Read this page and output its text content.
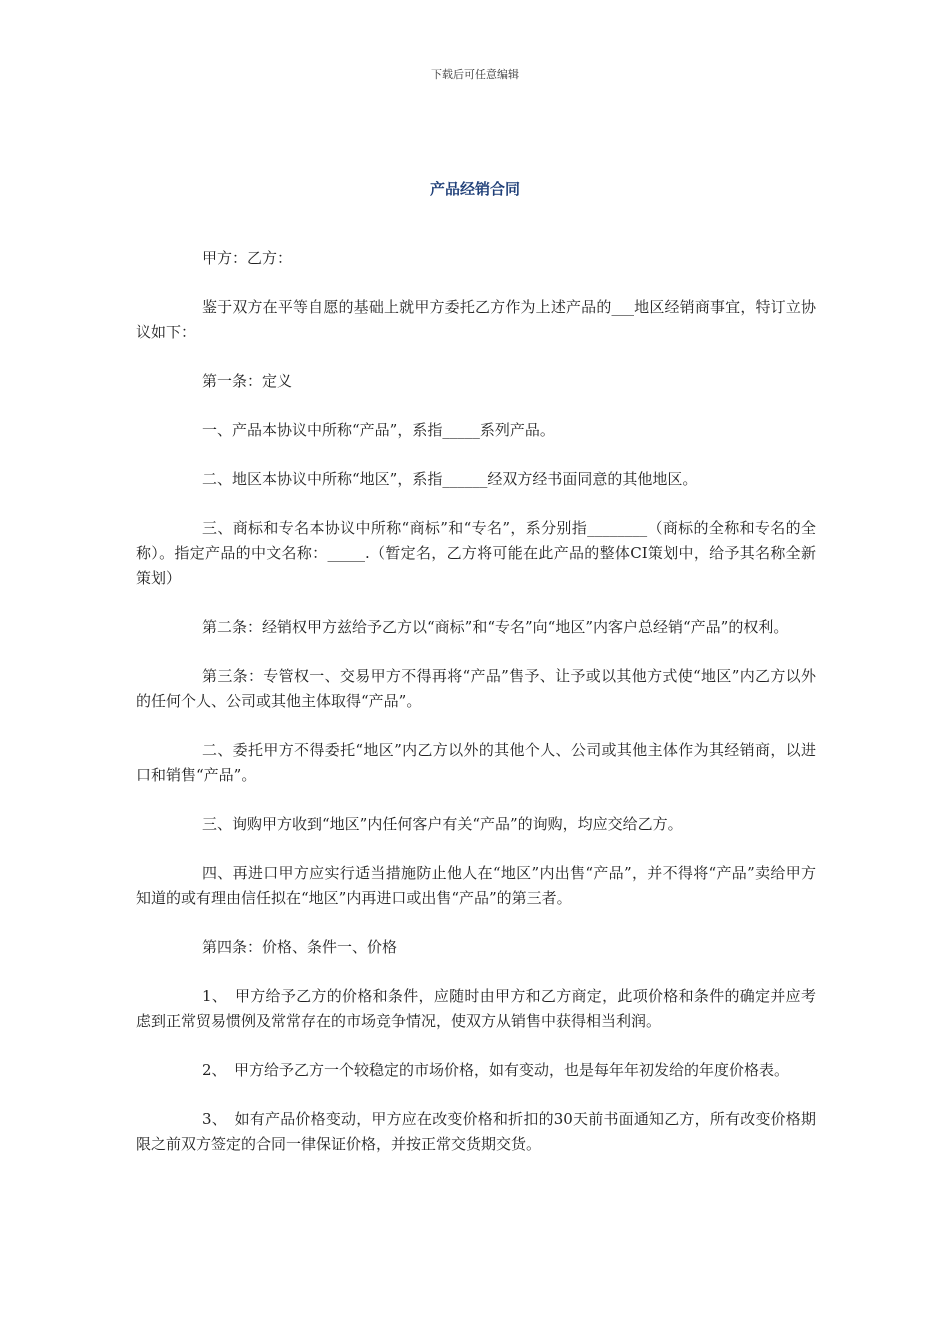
下载后可任意编辑
产品经销合同

甲方：乙方：

鉴于双方在平等自愿的基础上就甲方委托乙方作为上述产品的___地区经销商事宜，特订立协议如下：

第一条：定义

一、产品本协议中所称“产品”，系指_____系列产品。

二、地区本协议中所称“地区”，系指______经双方经书面同意的其他地区。

三、商标和专名本协议中所称“商标”和“专名”，系分别指________（商标的全称和专名的全称）。指定产品的中文名称：_____.（暂定名，乙方将可能在此产品的整体CI策划中，给予其名称全新策划）

第二条：经销权甲方兹给予乙方以“商标”和“专名”向“地区”内客户总经销“产品”的权利。

第三条：专管权一、交易甲方不得再将“产品”售予、让予或以其他方式使“地区”内乙方以外的任何个人、公司或其他主体取得“产品”。

二、委托甲方不得委托“地区”内乙方以外的其他个人、公司或其他主体作为其经销商，以进口和销售“产品”。

三、询购甲方收到“地区”内任何客户有关“产品”的询购，均应交给乙方。

四、再进口甲方应实行适当措施防止他人在“地区”内出售“产品”，并不得将“产品”卖给甲方知道的或有理由信任拟在“地区”内再进口或出售“产品”的第三者。

第四条：价格、条件一、价格

1、　甲方给予乙方的价格和条件，应随时由甲方和乙方商定，此项价格和条件的确定并应考虑到正常贸易惯例及常常存在的市场竞争情况，使双方从销售中获得相当利润。

2、　甲方给予乙方一个较稳定的市场价格，如有变动，也是每年年初发给的年度价格表。

3、　如有产品价格变动，甲方应在改变价格和折扣的30天前书面通知乙方，所有改变价格期限之前双方签定的合同一律保证价格，并按正常交货期交货。
